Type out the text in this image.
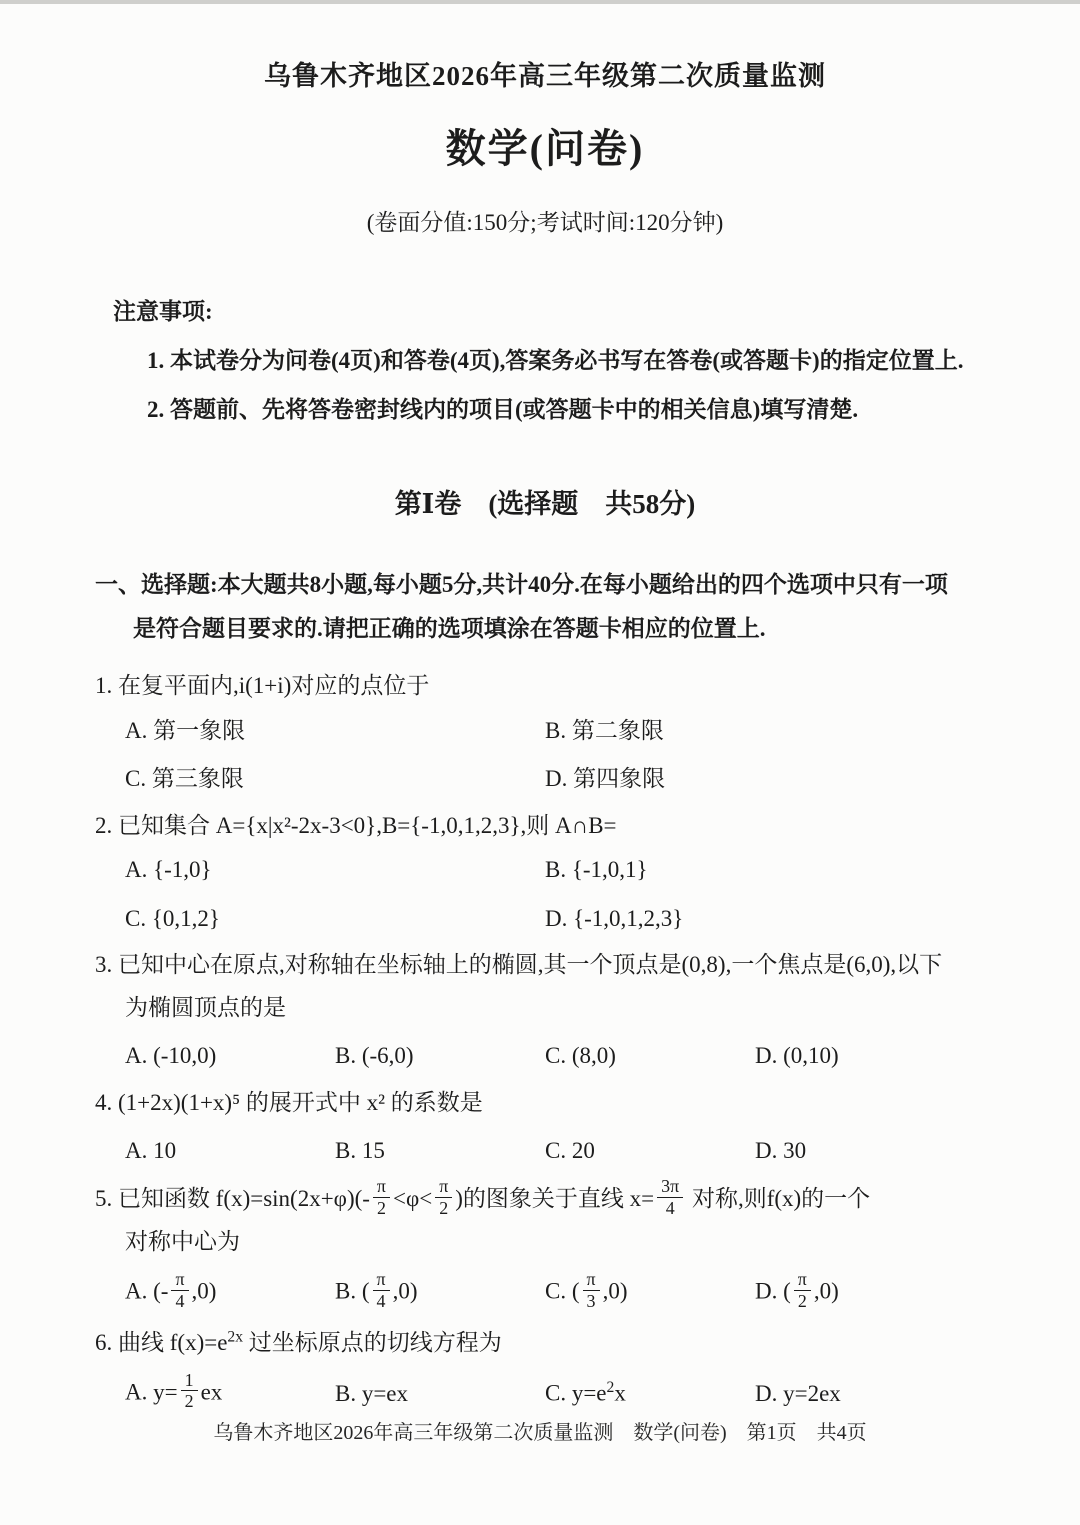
乌鲁木齐地区2026年高三年级第二次质量监测
数学(问卷)
(卷面分值:150分;考试时间:120分钟)
注意事项:
1. 本试卷分为问卷(4页)和答卷(4页),答案务必书写在答卷(或答题卡)的指定位置上.
2. 答题前、先将答卷密封线内的项目(或答题卡中的相关信息)填写清楚.
第Ⅰ卷　(选择题　共58分)
一、选择题:本大题共8小题,每小题5分,共计40分.在每小题给出的四个选项中只有一项
是符合题目要求的.请把正确的选项填涂在答题卡相应的位置上.
1. 在复平面内,i(1+i)对应的点位于
A. 第一象限	B. 第二象限
C. 第三象限	D. 第四象限
2. 已知集合 A={x|x²-2x-3<0},B={-1,0,1,2,3},则 A∩B=
A. {-1,0}	B. {-1,0,1}
C. {0,1,2}	D. {-1,0,1,2,3}
3. 已知中心在原点,对称轴在坐标轴上的椭圆,其一个顶点是(0,8),一个焦点是(6,0),以下
为椭圆顶点的是
A. (-10,0)	B. (-6,0)	C. (8,0)	D. (0,10)
4. (1+2x)(1+x)⁵ 的展开式中 x² 的系数是
A. 10	B. 15	C. 20	D. 30
5. 已知函数 $f(x)=\sin(2x+\varphi)(- \frac{\pi}{2} <\varphi< \frac{\pi}{2}$ )的图象关于直线 $x= \frac{3\pi}{4}$ 对称,则f(x)的一个
对称中心为
A. (- $\frac{\pi}{4} ,0$)	B. ( $\frac{\pi}{4} ,0$)	C. ( $\frac{\pi}{3} ,0$)	D. ( $\frac{\pi}{2} ,0$)
6. 曲线 $f(x)=e^{2x}$ 过坐标原点的切线方程为
A. $y= \frac{1}{2}$ ex	B. y=ex	C. $y=e^2x$	D. y=2ex
乌鲁木齐地区2026年高三年级第二次质量监测　数学(问卷)　第1页　共4页
